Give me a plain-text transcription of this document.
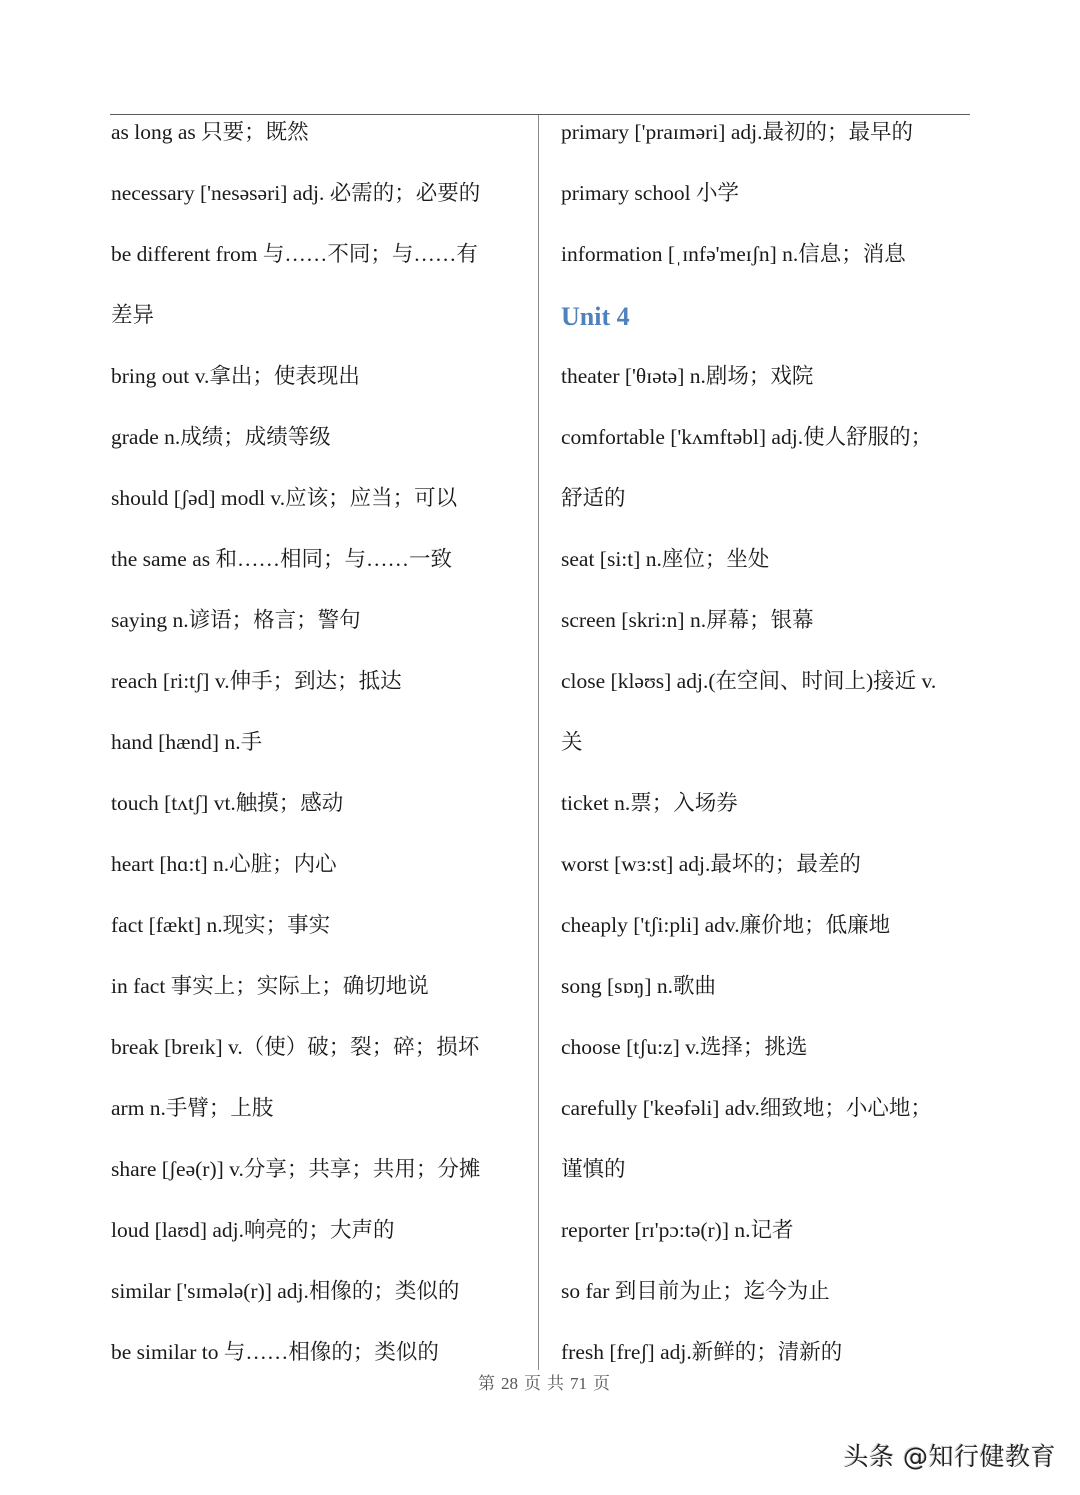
as long as 只要；既然
necessary ['nesəsəri] adj. 必需的；必要的
be different from 与……不同；与……有
差异
bring out v.拿出；使表现出
grade n.成绩；成绩等级
should [ʃəd] modl v.应该；应当；可以
the same as 和……相同；与……一致
saying n.谚语；格言；警句
reach [ri:tʃ] v.伸手；到达；抵达
hand [hænd] n.手
touch [tʌtʃ] vt.触摸；感动
heart [hɑ:t] n.心脏；内心
fact [fækt] n.现实；事实
in fact 事实上；实际上；确切地说
break [breɪk] v.（使）破；裂；碎；损坏
arm n.手臂；上肢
share [ʃeə(r)] v.分享；共享；共用；分摊
loud [laʊd] adj.响亮的；大声的
similar ['sɪmələ(r)] adj.相像的；类似的
be similar to 与……相像的；类似的
primary ['praɪməri] adj.最初的；最早的
primary school 小学
information [ˌɪnfə'meɪʃn] n.信息；消息
Unit 4
theater ['θɪətə] n.剧场；戏院
comfortable ['kʌmftəbl] adj.使人舒服的；
舒适的
seat [si:t] n.座位；坐处
screen [skri:n] n.屏幕；银幕
close [kləʊs] adj.(在空间、时间上)接近 v.
关
ticket n.票；入场券
worst [wɜ:st] adj.最坏的；最差的
cheaply ['tʃi:pli] adv.廉价地；低廉地
song [sɒŋ] n.歌曲
choose [tʃu:z] v.选择；挑选
carefully ['keəfəli] adv.细致地；小心地；
谨慎的
reporter [rɪ'pɔ:tə(r)] n.记者
so far 到目前为止；迄今为止
fresh [freʃ] adj.新鲜的；清新的
第 28 页 共 71 页
头条 @知行健教育
